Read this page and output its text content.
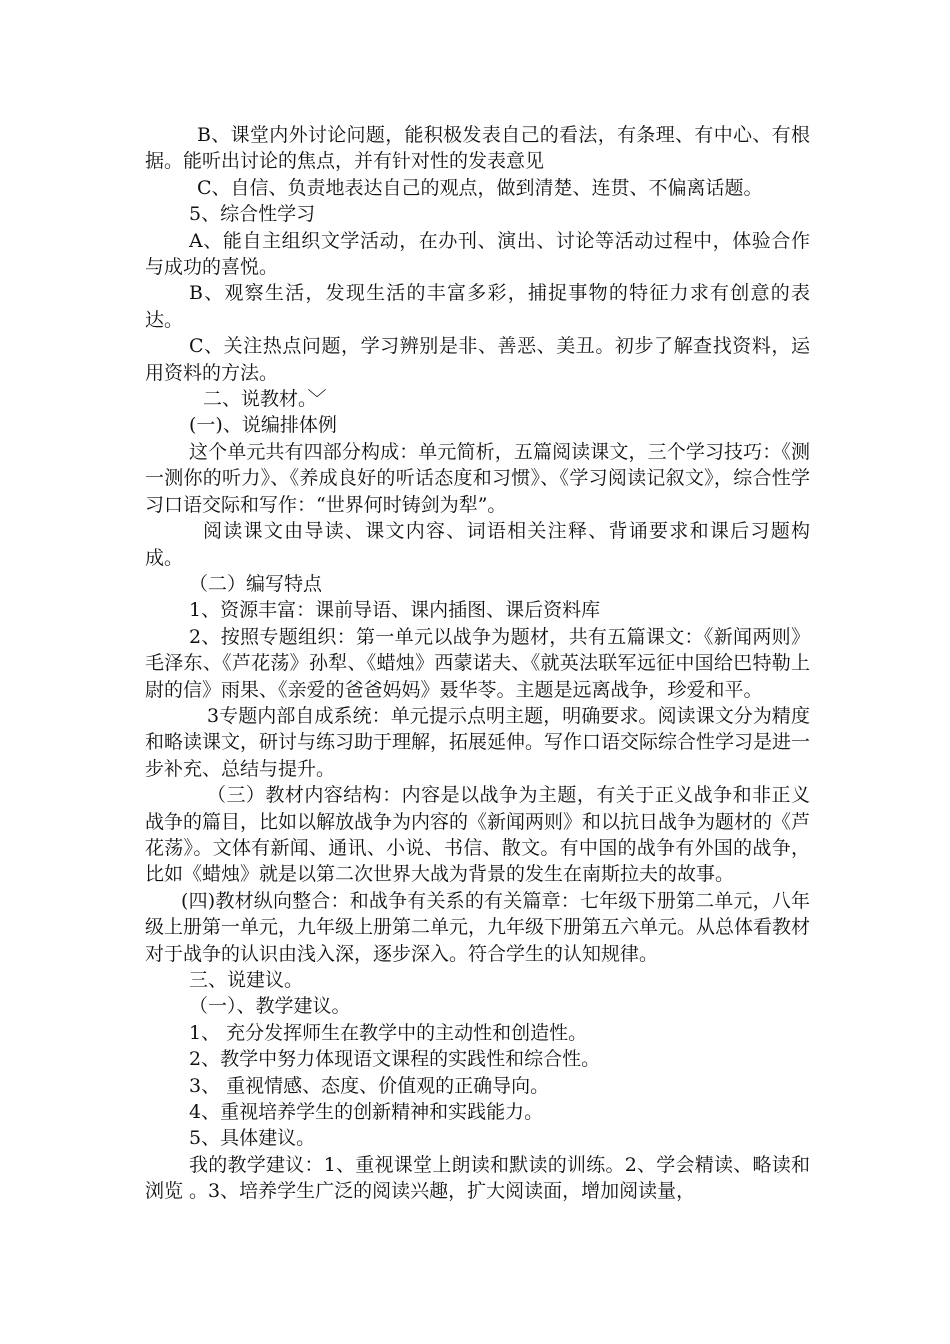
B、课堂内外讨论问题，能积极发表自己的看法，有条理、有中心、有根据。能听出讨论的焦点，并有针对性的发表意见

C、自信、负责地表达自己的观点，做到清楚、连贯、不偏离话题。

5、综合性学习

A、能自主组织文学活动，在办刊、演出、讨论等活动过程中，体验合作与成功的喜悦。

B、观察生活，发现生活的丰富多彩，捕捉事物的特征力求有创意的表达。

C、关注热点问题，学习辨别是非、善恶、美丑。初步了解查找资料，运用资料的方法。

二、说教材。﹀

(一)、说编排体例

这个单元共有四部分构成：单元简析，五篇阅读课文，三个学习技巧：《测一测你的听力》、《养成良好的听话态度和习惯》、《学习阅读记叙文》，综合性学习口语交际和写作：“世界何时铸剑为犁”。

阅读课文由导读、课文内容、词语相关注释、背诵要求和课后习题构成。

（二）编写特点

1、资源丰富：课前导语、课内插图、课后资料库

2、按照专题组织：第一单元以战争为题材，共有五篇课文：《新闻两则》毛泽东、《芦花荡》孙犁、《蜡烛》西蒙诺夫、《就英法联军远征中国给巴特勒上尉的信》雨果、《亲爱的爸爸妈妈》聂华苓。主题是远离战争，珍爱和平。

3专题内部自成系统：单元提示点明主题，明确要求。阅读课文分为精度和略读课文，研讨与练习助于理解，拓展延伸。写作口语交际综合性学习是进一步补充、总结与提升。

（三）教材内容结构：内容是以战争为主题，有关于正义战争和非正义战争的篇目，比如以解放战争为内容的《新闻两则》和以抗日战争为题材的《芦花荡》。文体有新闻、通讯、小说、书信、散文。有中国的战争有外国的战争，比如《蜡烛》就是以第二次世界大战为背景的发生在南斯拉夫的故事。

(四)教材纵向整合：和战争有关系的有关篇章：七年级下册第二单元，八年级上册第一单元，九年级上册第二单元，九年级下册第五六单元。从总体看教材对于战争的认识由浅入深，逐步深入。符合学生的认知规律。

三、说建议。

（一）、教学建议。

1、 充分发挥师生在教学中的主动性和创造性。

2、教学中努力体现语文课程的实践性和综合性。

3、 重视情感、态度、价值观的正确导向。

4、重视培养学生的创新精神和实践能力。

5、具体建议。

我的教学建议：1、重视课堂上朗读和默读的训练。2、学会精读、略读和浏览 。3、培养学生广泛的阅读兴趣，扩大阅读面，增加阅读量，
